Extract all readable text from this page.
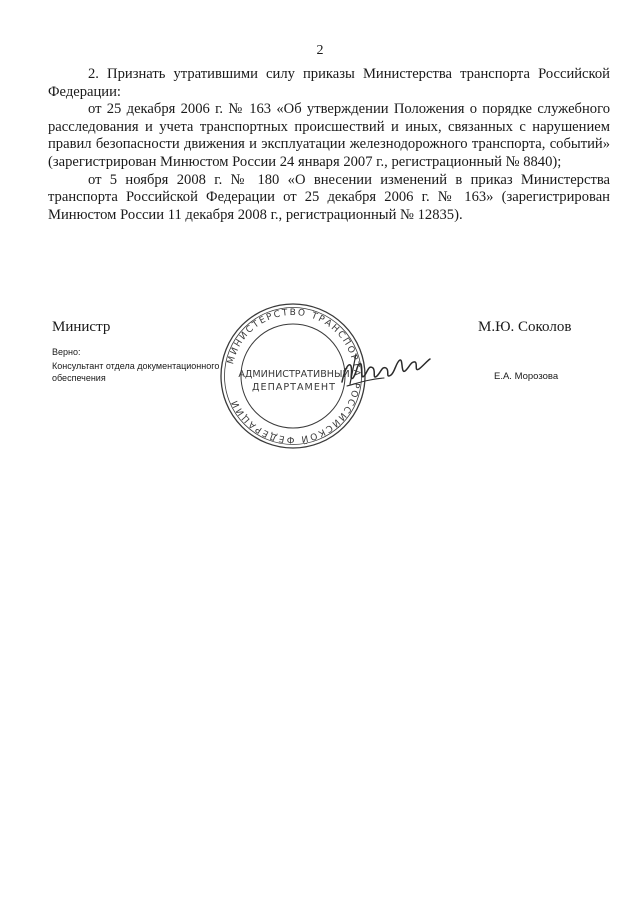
2

2. Признать утратившими силу приказы Министерства транспорта Российской Федерации:

от 25 декабря 2006 г. № 163 «Об утверждении Положения о порядке служебного расследования и учета транспортных происшествий и иных, связанных с нарушением правил безопасности движения и эксплуатации железнодорожного транспорта, событий» (зарегистрирован Минюстом России 24 января 2007 г., регистрационный № 8840);

от 5 ноября 2008 г. № 180 «О внесении изменений в приказ Министерства транспорта Российской Федерации от 25 декабря 2006 г. № 163» (зарегистрирован Минюстом России 11 декабря 2008 г., регистрационный № 12835).

Министр	М.Ю. Соколов
Верно:
Консультант отдела документационного
обеспечения	Е.А. Морозова
МИНИСТЕРСТВО ТРАНСПОРТА РОССИЙСКОЙ ФЕДЕРАЦИИ
АДМИНИСТРАТИВНЫЙ
ДЕПАРТАМЕНТ
